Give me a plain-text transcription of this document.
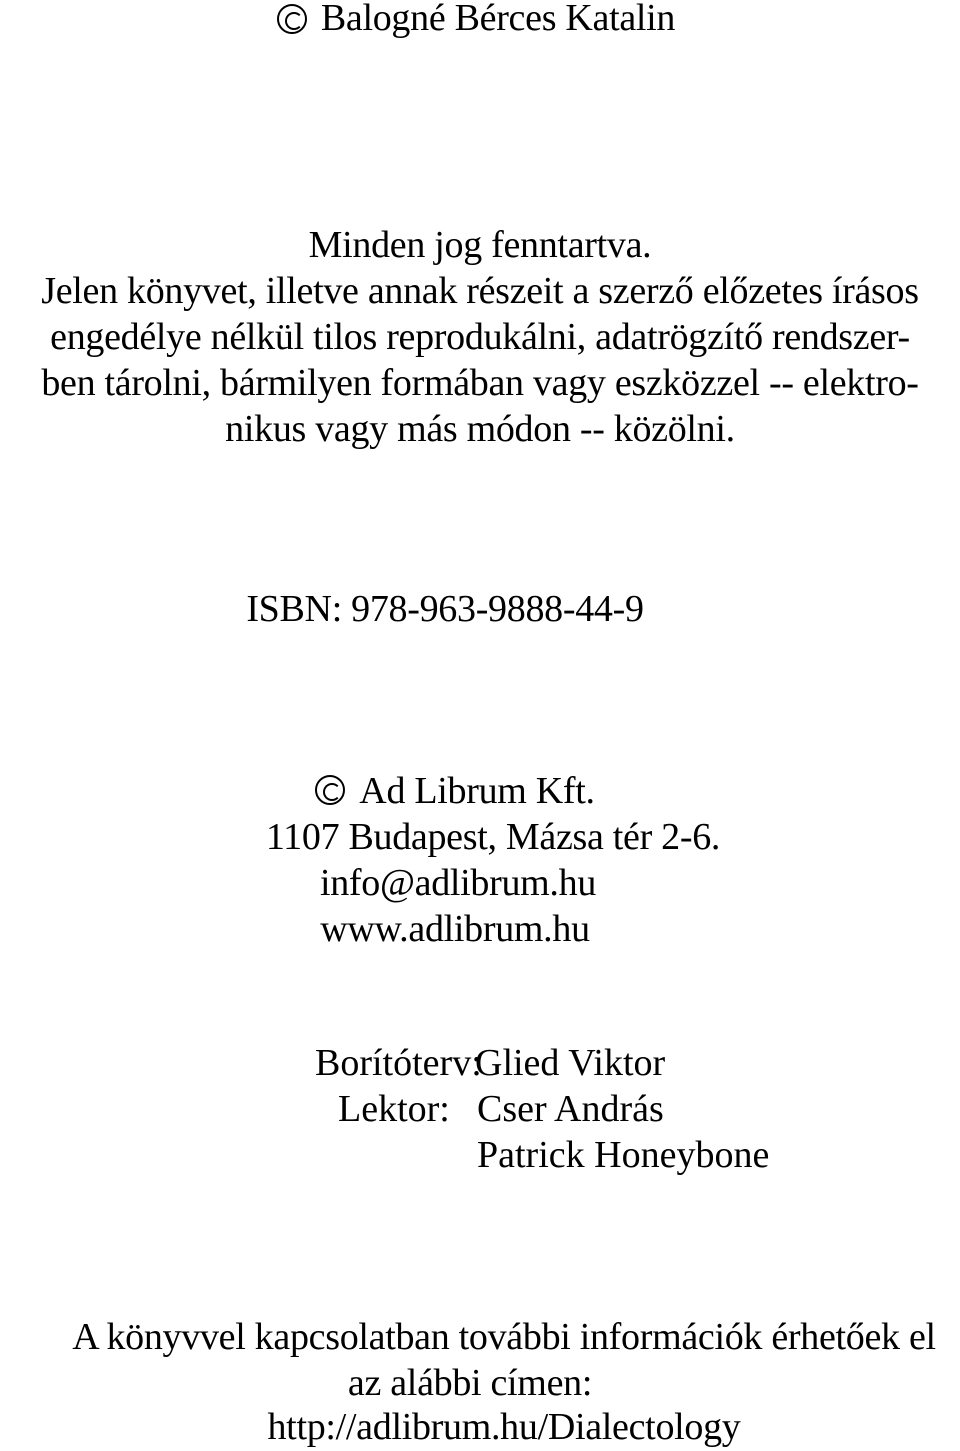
Balogné Bérces Katalin
Minden jog fenntartva.
Jelen könyvet, illetve annak részeit a szerző előzetes írásos
engedélye nélkül tilos reprodukálni, adatrögzítő rendszer-
ben tárolni, bármilyen formában vagy eszközzel -- elektro-
nikus vagy más módon -- közölni.
ISBN: 978-963-9888-44-9
Ad Librum Kft.
1107 Budapest, Mázsa tér 2-6.
info@adlibrum.hu
www.adlibrum.hu
Borítóterv:
Glied Viktor
Lektor: Cser András
Patrick Honeybone
A könyvvel kapcsolatban további információk érhetőek el
az alábbi címen:
http://adlibrum.hu/Dialectology
